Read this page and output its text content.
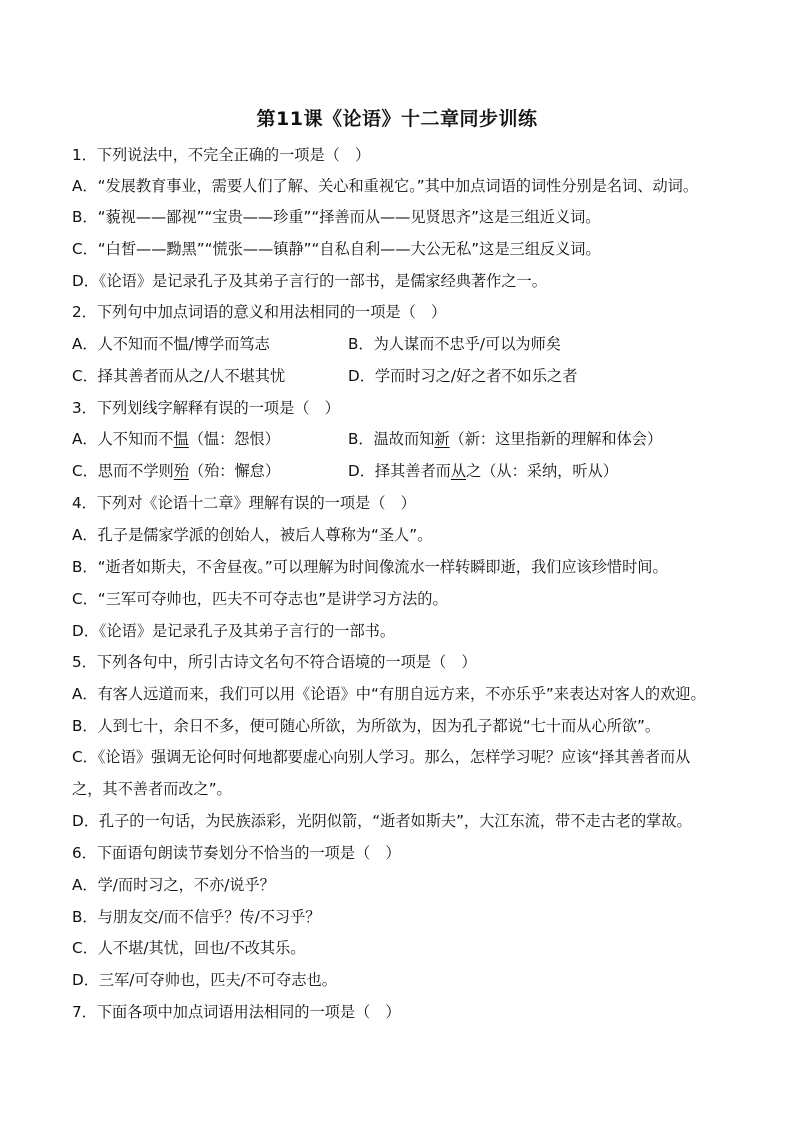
第11课《论语》十二章同步训练
1．下列说法中，不完全正确的一项是（　）
A．“发展教育事业，需要人们了解、关心和重视它。”其中加点词语的词性分别是名词、动词。
B．“藐视——鄙视”“宝贵——珍重”“择善而从——见贤思齐”这是三组近义词。
C．“白皙——黝黑”“慌张——镇静”“自私自利——大公无私”这是三组反义词。
D．《论语》是记录孔子及其弟子言行的一部书，是儒家经典著作之一。
2．下列句中加点词语的意义和用法相同的一项是（　）
A．人不知而不愠/博学而笃志	B．为人谋而不忠乎/可以为师矣
C．择其善者而从之/人不堪其忧	D．学而时习之/好之者不如乐之者
3．下列划线字解释有误的一项是（　）
A．人不知而不愠（愠：怨恨）	B．温故而知新（新：这里指新的理解和体会）
C．思而不学则殆（殆：懈怠）	D．择其善者而从之（从：采纳，听从）
4．下列对《论语十二章》理解有误的一项是（　）
A．孔子是儒家学派的创始人，被后人尊称为“圣人”。
B．“逝者如斯夫，不舍昼夜。”可以理解为时间像流水一样转瞬即逝，我们应该珍惜时间。
C．“三军可夺帅也，匹夫不可夺志也”是讲学习方法的。
D．《论语》是记录孔子及其弟子言行的一部书。
5．下列各句中，所引古诗文名句不符合语境的一项是（　）
A．有客人远道而来，我们可以用《论语》中“有朋自远方来，不亦乐乎”来表达对客人的欢迎。
B．人到七十，余日不多，便可随心所欲，为所欲为，因为孔子都说“七十而从心所欲”。
C．《论语》强调无论何时何地都要虚心向别人学习。那么，怎样学习呢？应该“择其善者而从
之，其不善者而改之”。
D．孔子的一句话，为民族添彩，光阴似箭，“逝者如斯夫”，大江东流，带不走古老的掌故。
6．下面语句朗读节奏划分不恰当的一项是（　）
A．学/而时习之，不亦/说乎？
B．与朋友交/而不信乎？传/不习乎？
C．人不堪/其忧，回也/不改其乐。
D．三军/可夺帅也，匹夫/不可夺志也。
7．下面各项中加点词语用法相同的一项是（　）
